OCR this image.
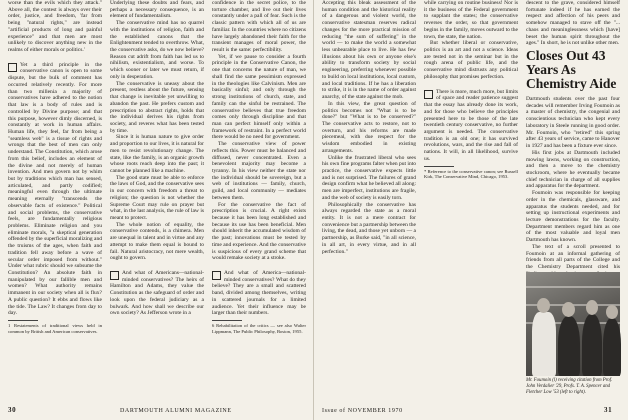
worse than the evils which they attack." Above all, the contest is always over their order, justice, and freedom, 'far from being "natural rights," are instead "artificial products of long and painful experience" and that men are most unlikely to discover anything new in the realms of either morals or politics.'

Yet a third principle in the conservative canon is open to some dispute, but the bulk of comment has occurred relatively recently. For more than two millenia a majority of conservatives have adhered to the notion that law is a body of rules and is controlled by Divine purpose; and that this purpose, however dimly discerned, is constantly at work in human affairs. Human life, they feel, far from being a "seamless web" is a tissue of rights and wrongs that the best of men can only understand. The Constitution, which arose from this belief, includes an element of the divine and not merely of human invention. And men govern not by whim but by traditions which man has sensed, articulated, and partly codified; meaningful even through the ultimate meaning eternally "transcends the observable facts of existence." Political and social problems, the conservative feels, are fundamentally religious problems. Eliminate religion and you eliminate morals, "a skeptical generation offended by the superficial moralizing and the truisms of the ages, when faith and tradition fell away before a wave of secular order imposed from without." Under what rubric should we subsume the Constitution? An absolute faith in manipulated by our fallible men and women? What authority remains immanent in our society when all is flux? A public question? It ebbs and flows like the tide. The Law? It changes from day to day.

1 Restatements of traditional views held in common by British and American conservatives.

Underlying these doubts and fears, and perhaps a necessary consequence, is an element of fundamentalism.

The conservative mind has no quarrel with the institutions of religion, faith and the established canons that the Enlightenment tended to overthrow. What, the conservative asks, do we now believe? Reason cut adrift from faith has led us to nihilism, existentialism, and worse. To which sooner or later we must return, if only in desperation.

The conservative is uneasy about the present, restless about the future, sensing that change is inevitable yet unwilling to abandon the past. He prefers custom and prescription to abstract rights, holds that the individual derives his rights from society, and reveres what has been tested by time.

Since it is human nature to give order and proportion to our lives, it is natural for men to resist revolutionary change. The state, like the family, is an organic growth whose roots reach deep into the past; it cannot be planned like a machine.

The good state must be able to enforce the laws of God, and the conservative sees in our concern with freedom a threat to religion; the question is not whether the Supreme Court may rule on prayer but what, in the last analysis, the rule of law is meant to protect.

The whole notion of equality, the conservative contends, is a chimera. Men are unequal in talent and in virtue and any attempt to make them equal is bound to fail. Natural aristocracy, not mere wealth, ought to govern.

And what of Americans—national-minded conservatives? The heirs of Hamilton and Adams, they value the Constitution as the safeguard of order and look upon the federal judiciary as a bulwark. And how shall we describe our own society? As Jefferson wrote in a

confidence in the secret police, to the torture chamber, and live out their lives constantly under a pall of fear. Such is the classic pattern with which all of us are familiar. In the countries where no citizens have largely abandoned their faith for the transient manages of moral power, the result is the same: perfectibility.

Yet, if we pause to consider a fourth principle in the Conservative Canon, the one that concerns the nature of man, we shall find the same pessimism expressed in the theologies like Calvinism. Men are basically sinful; and only through the strong institutions of church, state, and family can the sinful be restrained. The conservative believes that true freedom comes only through discipline and that man can perfect himself only within a framework of restraint. In a perfect world there would be no need for government.

The conservative view of power reflects this. Power must be balanced and diffused, never concentrated. Even a benevolent majority may become a tyranny. In his view neither the state nor the individual should be sovereign, but a web of institutions — family, church, guild, and local community — mediates between them.

For the conservative the fact of prescription is crucial. A right exists because it has been long established and because its use has been beneficial. Men should inherit the accumulated wisdom of the past; innovations must be tested by time and experience. And the conservative is suspicious of every grand scheme that would remake society at a stroke.

And what of America—national-minded conservatives? What do they believe? They are a small and scattered band, divided among themselves, writing in scattered journals for a limited audience. Yet their influence may be larger than their numbers.

6 Rehabilitation of the critics — see also Walter Lippmann, The Public Philosophy, Boston, 1955.

30	DARTMOUTH ALUMNI MAGAZINE

Accepting this bleak assessment of the human condition and the historical reality of a dangerous and violent world, the conservative statesman reserves radical changes for the more practical mission of reducing "the sum of suffering" in the world — to make the world a somewhat less unbearable place to live. He has few illusions about his own or anyone else's ability to transform society by social engineering, preferring whenever possible to build on local institutions, local custom, and local traditions. If he has a liberation to strike, it is in the name of order against anarchy, of the state against the mob.

In this view, the great question of politics becomes not "What is to be done?" but "What is to be conserved?" The conservative acts to restore, not to overturn, and his reforms are made piecemeal, with due respect for the wisdom embodied in existing arrangements.

Unlike the frustrated liberal who sees his own fine programs falter when put into practice, the conservative expects little and is not surprised. The failures of grand design confirm what he believed all along: men are imperfect, institutions are fragile, and the web of society is easily torn.

Philosophically the conservative has always regarded the state as a moral entity. It is not a mere contract for convenience but a partnership between the living, the dead, and those yet unborn — a partnership, as Burke said, "in all science, in all art, in every virtue, and in all perfection."

while carrying on routine business! Nor is it the business of the Federal government to supplant the states; the conservative reverses the order, so that government begins in the family, moves outward to the town, the state, the nation.

But whether liberal or conservative, politics is an art and not a science. Ideas are tested not in the seminar but in the rough arena of public life, and the conservative mind distrusts any political philosophy that promises perfection.

There is more, much more, but limits of space and reader patience suggest that the essay has already done its work, and for those who believe the principles presented here to be those of the late twentieth century conservative, no further argument is needed. The conservative tradition is an old one; it has survived revolutions, wars, and the rise and fall of nations. It will, in all likelihood, survive us.

* Reference to the conservative canon; see Russell Kirk, The Conservative Mind, Chicago, 1953.

descent to the grave, considered himself fortunate indeed if he has earned the respect and affection of his peers and somehow managed to stave off the "... chaos and meaninglessness which [have] beset the human spirit throughout the ages." In short, he is not unlike other men.

Closes Out 43 Years As Chemistry Aide

Dartmouth students over the past four decades will remember Irving Foumoin as a master of chemistry, the congenial and conscientious technician who kept every laboratory in Steele running in good order. Mr. Foumoin, who "retired" this spring after 43 years of service, came to Hanover in 1927 and has been a fixture ever since.

His first jobs at Dartmouth included mowing lawns, working on construction, and then a move to the chemistry stockroom, where he eventually became chief technician in charge of all supplies and apparatus for the department.

Foumoin was responsible for keeping order in the chemicals, glassware, and apparatus the students needed, and for setting up instructional experiments and lecture demonstrations for the faculty. Department members regard him as one of the most valuable and loyal men Dartmouth has known.

The text of a scroll presented to Foumoin at an informal gathering of friends from all parts of the College and the Chemistry Department cited his

Mr. Foumoin (l) receiving citation from Prof. John Verdalier '29, Profs. T. A. Spencer and Fletcher Low '53 (left to right).
Issue of NOVEMBER 1970	31
